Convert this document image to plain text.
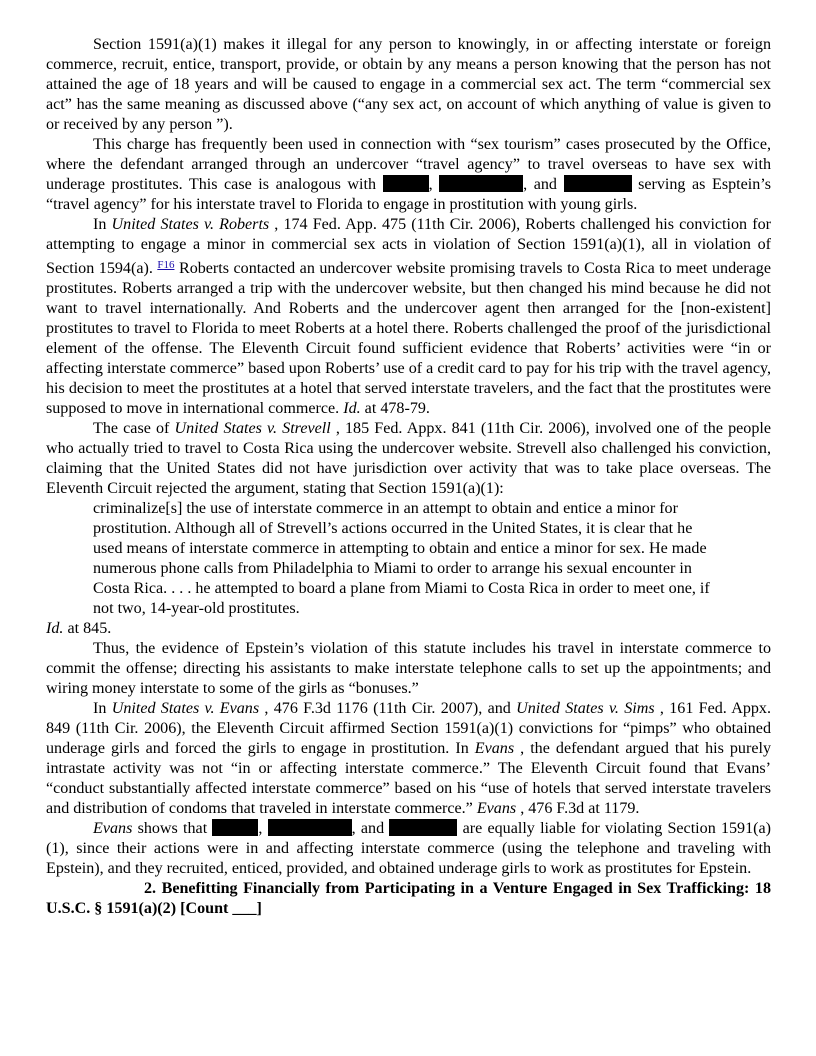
Section 1591(a)(1) makes it illegal for any person to knowingly, in or affecting interstate or foreign commerce, recruit, entice, transport, provide, or obtain by any means a person knowing that the person has not attained the age of 18 years and will be caused to engage in a commercial sex act. The term “commercial sex act” has the same meaning as discussed above (“any sex act, on account of which anything of value is given to or received by any person ”).

This charge has frequently been used in connection with “sex tourism” cases prosecuted by the Office, where the defendant arranged through an undercover “travel agency” to travel overseas to have sex with underage prostitutes. This case is analogous with	,	, and	serving as Esptein’s “travel agency” for his interstate travel to Florida to engage in prostitution with young girls.

In United States v. Roberts , 174 Fed. App. 475 (11th Cir. 2006), Roberts challenged his conviction for attempting to engage a minor in commercial sex acts in violation of Section 1591(a)(1), all in violation of Section 1594(a). $^{F16}$ Roberts contacted an undercover website promising travels to Costa Rica to meet underage prostitutes. Roberts arranged a trip with the undercover website, but then changed his mind because he did not want to travel internationally. And Roberts and the undercover agent then arranged for the [non-existent] prostitutes to travel to Florida to meet Roberts at a hotel there. Roberts challenged the proof of the jurisdictional element of the offense. The Eleventh Circuit found sufficient evidence that Roberts’ activities were “in or affecting interstate commerce” based upon Roberts’ use of a credit card to pay for his trip with the travel agency, his decision to meet the prostitutes at a hotel that served interstate travelers, and the fact that the prostitutes were supposed to move in international commerce. Id. at 478-79.

The case of United States v. Strevell , 185 Fed. Appx. 841 (11th Cir. 2006), involved one of the people who actually tried to travel to Costa Rica using the undercover website. Strevell also challenged his conviction, claiming that the United States did not have jurisdiction over activity that was to take place overseas. The Eleventh Circuit rejected the argument, stating that Section 1591(a)(1):

criminalize[s] the use of interstate commerce in an attempt to obtain and entice a minor for prostitution. Although all of Strevell’s actions occurred in the United States, it is clear that he used means of interstate commerce in attempting to obtain and entice a minor for sex. He made numerous phone calls from Philadelphia to Miami to order to arrange his sexual encounter in Costa Rica. . . . he attempted to board a plane from Miami to Costa Rica in order to meet one, if not two, 14-year-old prostitutes.

Id. at 845.

Thus, the evidence of Epstein’s violation of this statute includes his travel in interstate commerce to commit the offense; directing his assistants to make interstate telephone calls to set up the appointments; and wiring money interstate to some of the girls as “bonuses.”

In United States v. Evans , 476 F.3d 1176 (11th Cir. 2007), and United States v. Sims , 161 Fed. Appx. 849 (11th Cir. 2006), the Eleventh Circuit affirmed Section 1591(a)(1) convictions for “pimps” who obtained underage girls and forced the girls to engage in prostitution. In Evans , the defendant argued that his purely intrastate activity was not “in or affecting interstate commerce.” The Eleventh Circuit found that Evans’ “conduct substantially affected interstate commerce” based on his “use of hotels that served interstate travelers and distribution of condoms that traveled in interstate commerce.” Evans , 476 F.3d at 1179.

Evans shows that	,	, and	are equally liable for violating Section 1591(a)(1), since their actions were in and affecting interstate commerce (using the telephone and traveling with Epstein), and they recruited, enticed, provided, and obtained underage girls to work as prostitutes for Epstein.

2. Benefitting Financially from Participating in a Venture Engaged in Sex Trafficking: 18 U.S.C. § 1591(a)(2) [Count ___]
